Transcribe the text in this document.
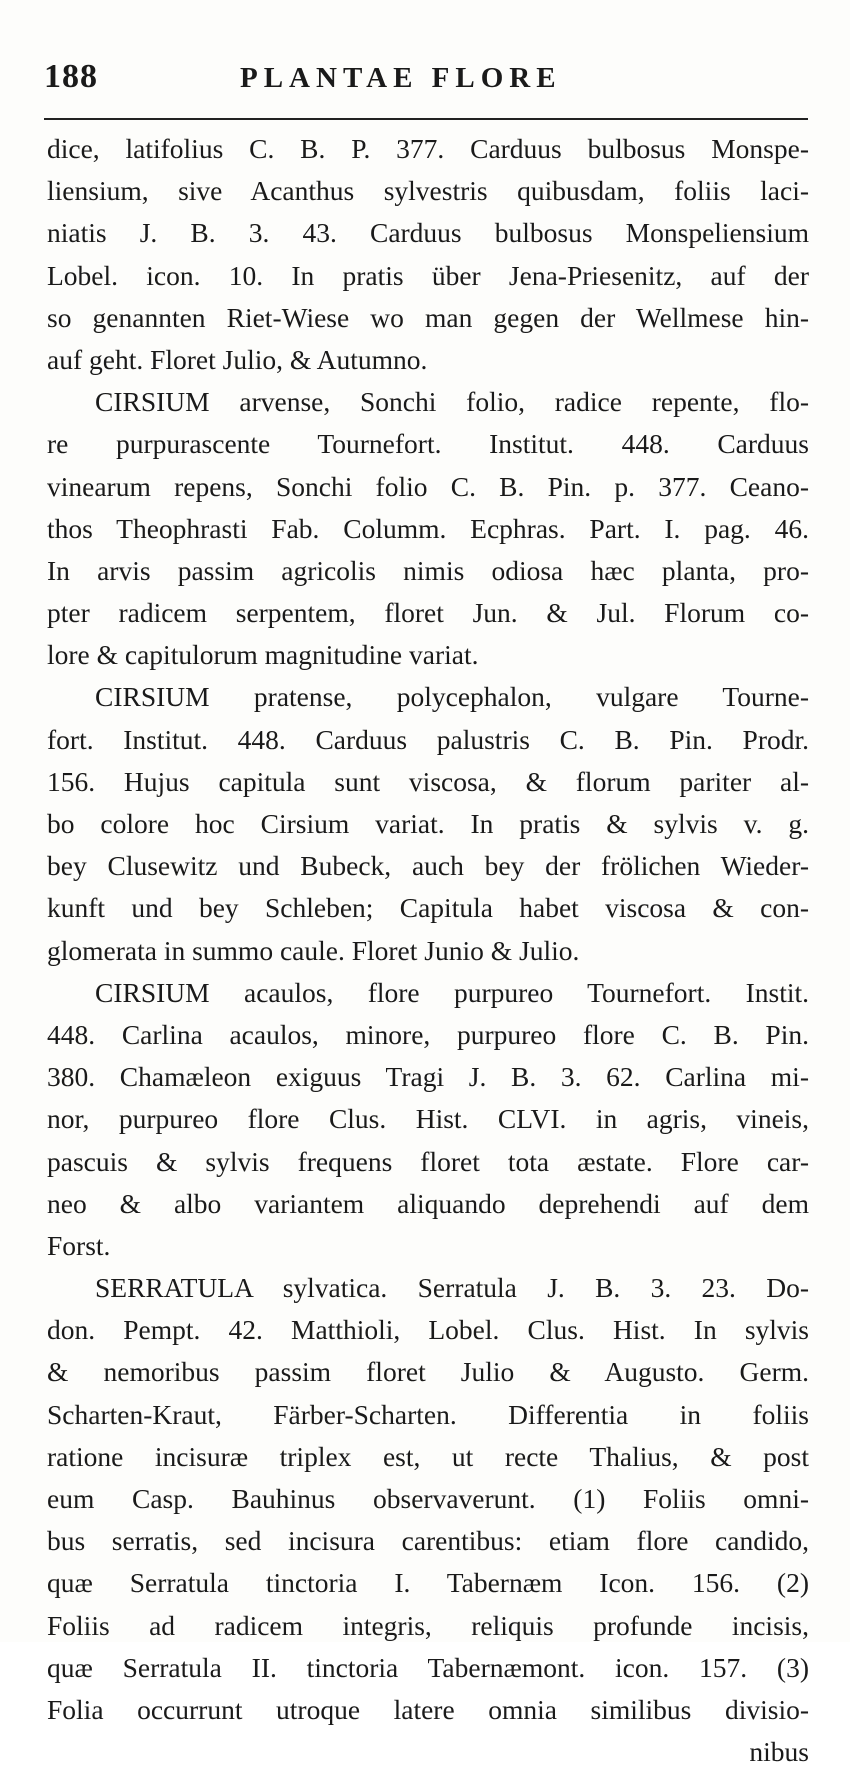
188	PLANTAE FLORE
dice, latifolius C. B. P. 377. Carduus bulbosus Monspe-
liensium, sive Acanthus sylvestris quibusdam, foliis laci-
niatis J. B. 3. 43. Carduus bulbosus Monspeliensium
Lobel. icon. 10. In pratis über Jena-Priesenitz, auf der
so genannten Riet-Wiese wo man gegen der Wellmese hin-
auf geht. Floret Julio, & Autumno.
CIRSIUM arvense, Sonchi folio, radice repente, flo-
re purpurascente Tournefort. Institut. 448. Carduus
vinearum repens, Sonchi folio C. B. Pin. p. 377. Ceano-
thos Theophrasti Fab. Columm. Ecphras. Part. I. pag. 46.
In arvis passim agricolis nimis odiosa hæc planta, pro-
pter radicem serpentem, floret Jun. & Jul. Florum co-
lore & capitulorum magnitudine variat.
CIRSIUM pratense, polycephalon, vulgare Tourne-
fort. Institut. 448. Carduus palustris C. B. Pin. Prodr.
156. Hujus capitula sunt viscosa, & florum pariter al-
bo colore hoc Cirsium variat. In pratis & sylvis v. g.
bey Clusewitz und Bubeck, auch bey der frölichen Wieder-
kunft und bey Schleben; Capitula habet viscosa & con-
glomerata in summo caule. Floret Junio & Julio.
CIRSIUM acaulos, flore purpureo Tournefort. Instit.
448. Carlina acaulos, minore, purpureo flore C. B. Pin.
380. Chamæleon exiguus Tragi J. B. 3. 62. Carlina mi-
nor, purpureo flore Clus. Hist. CLVI. in agris, vineis,
pascuis & sylvis frequens floret tota æstate. Flore car-
neo & albo variantem aliquando deprehendi auf dem
Forst.
SERRATULA sylvatica. Serratula J. B. 3. 23. Do-
don. Pempt. 42. Matthioli, Lobel. Clus. Hist. In sylvis
& nemoribus passim floret Julio & Augusto. Germ.
Scharten-Kraut, Färber-Scharten. Differentia in foliis
ratione incisuræ triplex est, ut recte Thalius, & post
eum Casp. Bauhinus observaverunt. (1) Foliis omni-
bus serratis, sed incisura carentibus: etiam flore candido,
quæ Serratula tinctoria I. Tabernæm Icon. 156. (2)
Foliis ad radicem integris, reliquis profunde incisis,
quæ Serratula II. tinctoria Tabernæmont. icon. 157. (3)
Folia occurrunt utroque latere omnia similibus divisio-
nibus
